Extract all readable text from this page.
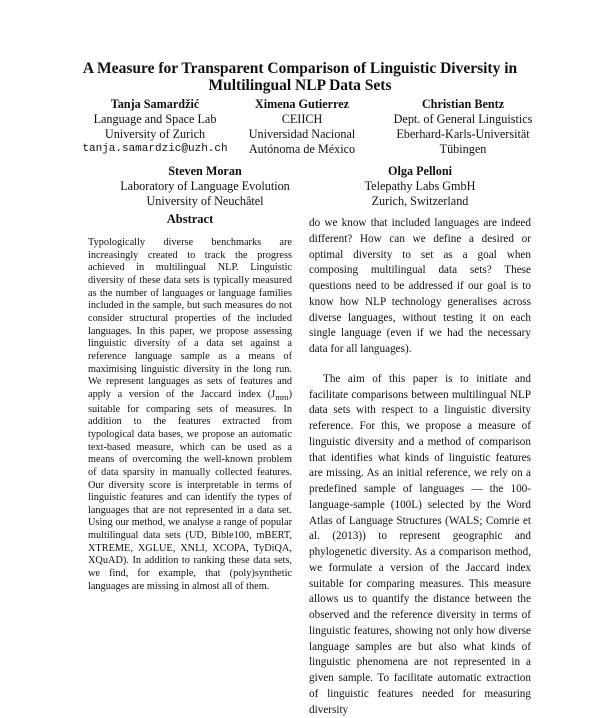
A Measure for Transparent Comparison of Linguistic Diversity in Multilingual NLP Data Sets
Tanja Samardžić
Language and Space Lab
University of Zurich
tanja.samardzic@uzh.ch
Ximena Gutierrez
CEIICH
Universidad Nacional
Autónoma de México
Christian Bentz
Dept. of General Linguistics
Eberhard-Karls-Universität
Tübingen
Steven Moran
Laboratory of Language Evolution
University of Neuchâtel
Olga Pelloni
Telepathy Labs GmbH
Zurich, Switzerland
Abstract

Typologically diverse benchmarks are increasingly created to track the progress achieved in multilingual NLP. Linguistic diversity of these data sets is typically measured as the number of languages or language families included in the sample, but such measures do not consider structural properties of the included languages. In this paper, we propose assessing linguistic diversity of a data set against a reference language sample as a means of maximising linguistic diversity in the long run. We represent languages as sets of features and apply a version of the Jaccard index $(J_{mm})$ suitable for comparing sets of measures. In addition to the features extracted from typological data bases, we propose an automatic text-based measure, which can be used as a means of overcoming the well-known problem of data sparsity in manually collected features. Our diversity score is interpretable in terms of linguistic features and can identify the types of languages that are not represented in a data set. Using our method, we analyse a range of popular multilingual data sets (UD, Bible100, mBERT, XTREME, XGLUE, XNLI, XCOPA, TyDiQA, XQuAD). In addition to ranking these data sets, we find, for example, that (poly)synthetic languages are missing in almost all of them.

do we know that included languages are indeed different? How can we define a desired or optimal diversity to set as a goal when composing multilingual data sets? These questions need to be addressed if our goal is to know how NLP technology generalises across diverse languages, without testing it on each single language (even if we had the necessary data for all languages).

The aim of this paper is to initiate and facilitate comparisons between multilingual NLP data sets with respect to a linguistic diversity reference. For this, we propose a measure of linguistic diversity and a method of comparison that identifies what kinds of linguistic features are missing. As an initial reference, we rely on a predefined sample of languages — the 100-language-sample (100L) selected by the Word Atlas of Language Structures (WALS; Comrie et al. (2013)) to represent geographic and phylogenetic diversity. As a comparison method, we formulate a version of the Jaccard index suitable for comparing measures. This measure allows us to quantify the distance between the observed and the reference diversity in terms of linguistic features, showing not only how diverse language samples are but also what kinds of linguistic phenomena are not represented in a given sample. To facilitate automatic extraction of linguistic features needed for measuring diversity
